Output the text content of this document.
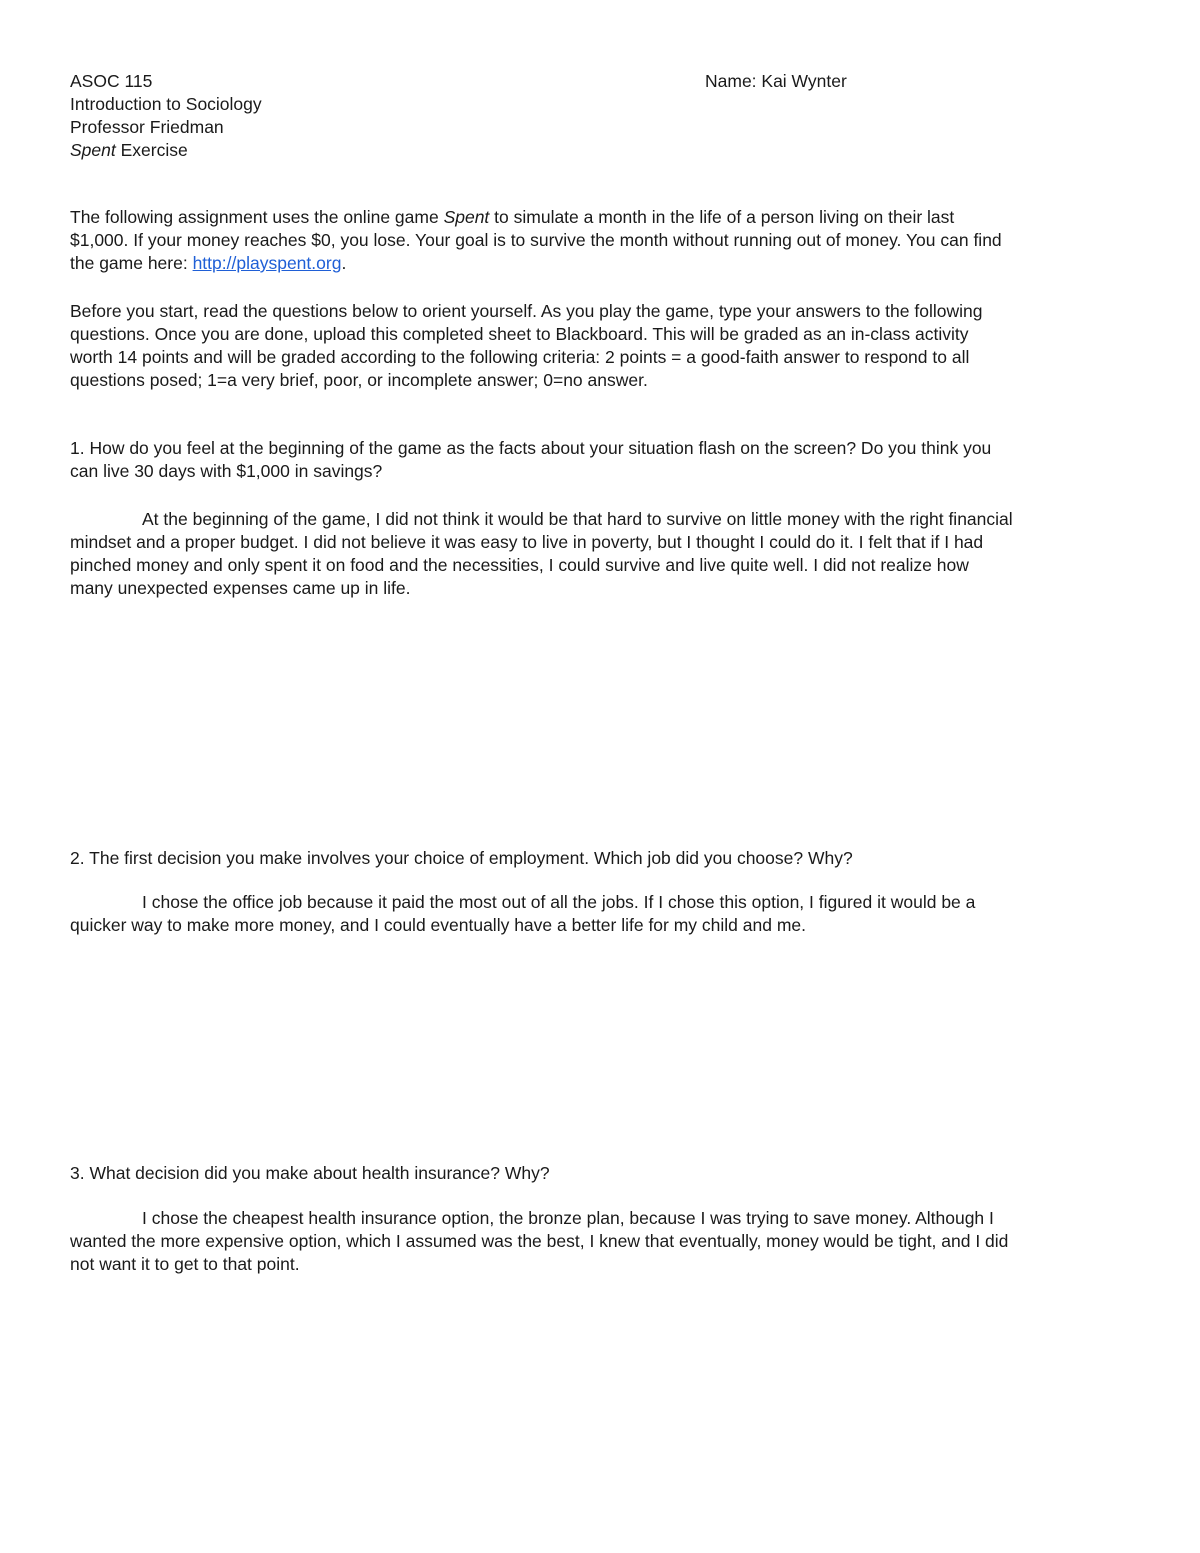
ASOC 115
Introduction to Sociology
Professor Friedman
Spent Exercise
Name: Kai Wynter
The following assignment uses the online game Spent to simulate a month in the life of a person living on their last
$1,000. If your money reaches $0, you lose. Your goal is to survive the month without running out of money. You can find
the game here: http://playspent.org.
Before you start, read the questions below to orient yourself. As you play the game, type your answers to the following
questions. Once you are done, upload this completed sheet to Blackboard. This will be graded as an in-class activity
worth 14 points and will be graded according to the following criteria: 2 points = a good-faith answer to respond to all
questions posed; 1=a very brief, poor, or incomplete answer; 0=no answer.
1. How do you feel at the beginning of the game as the facts about your situation flash on the screen? Do you think you
can live 30 days with $1,000 in savings?
At the beginning of the game, I did not think it would be that hard to survive on little money with the right financial
mindset and a proper budget. I did not believe it was easy to live in poverty, but I thought I could do it. I felt that if I had
pinched money and only spent it on food and the necessities, I could survive and live quite well. I did not realize how
many unexpected expenses came up in life.
2. The first decision you make involves your choice of employment. Which job did you choose? Why?
I chose the office job because it paid the most out of all the jobs. If I chose this option, I figured it would be a
quicker way to make more money, and I could eventually have a better life for my child and me.
3. What decision did you make about health insurance? Why?
I chose the cheapest health insurance option, the bronze plan, because I was trying to save money. Although I
wanted the more expensive option, which I assumed was the best, I knew that eventually, money would be tight, and I did
not want it to get to that point.
